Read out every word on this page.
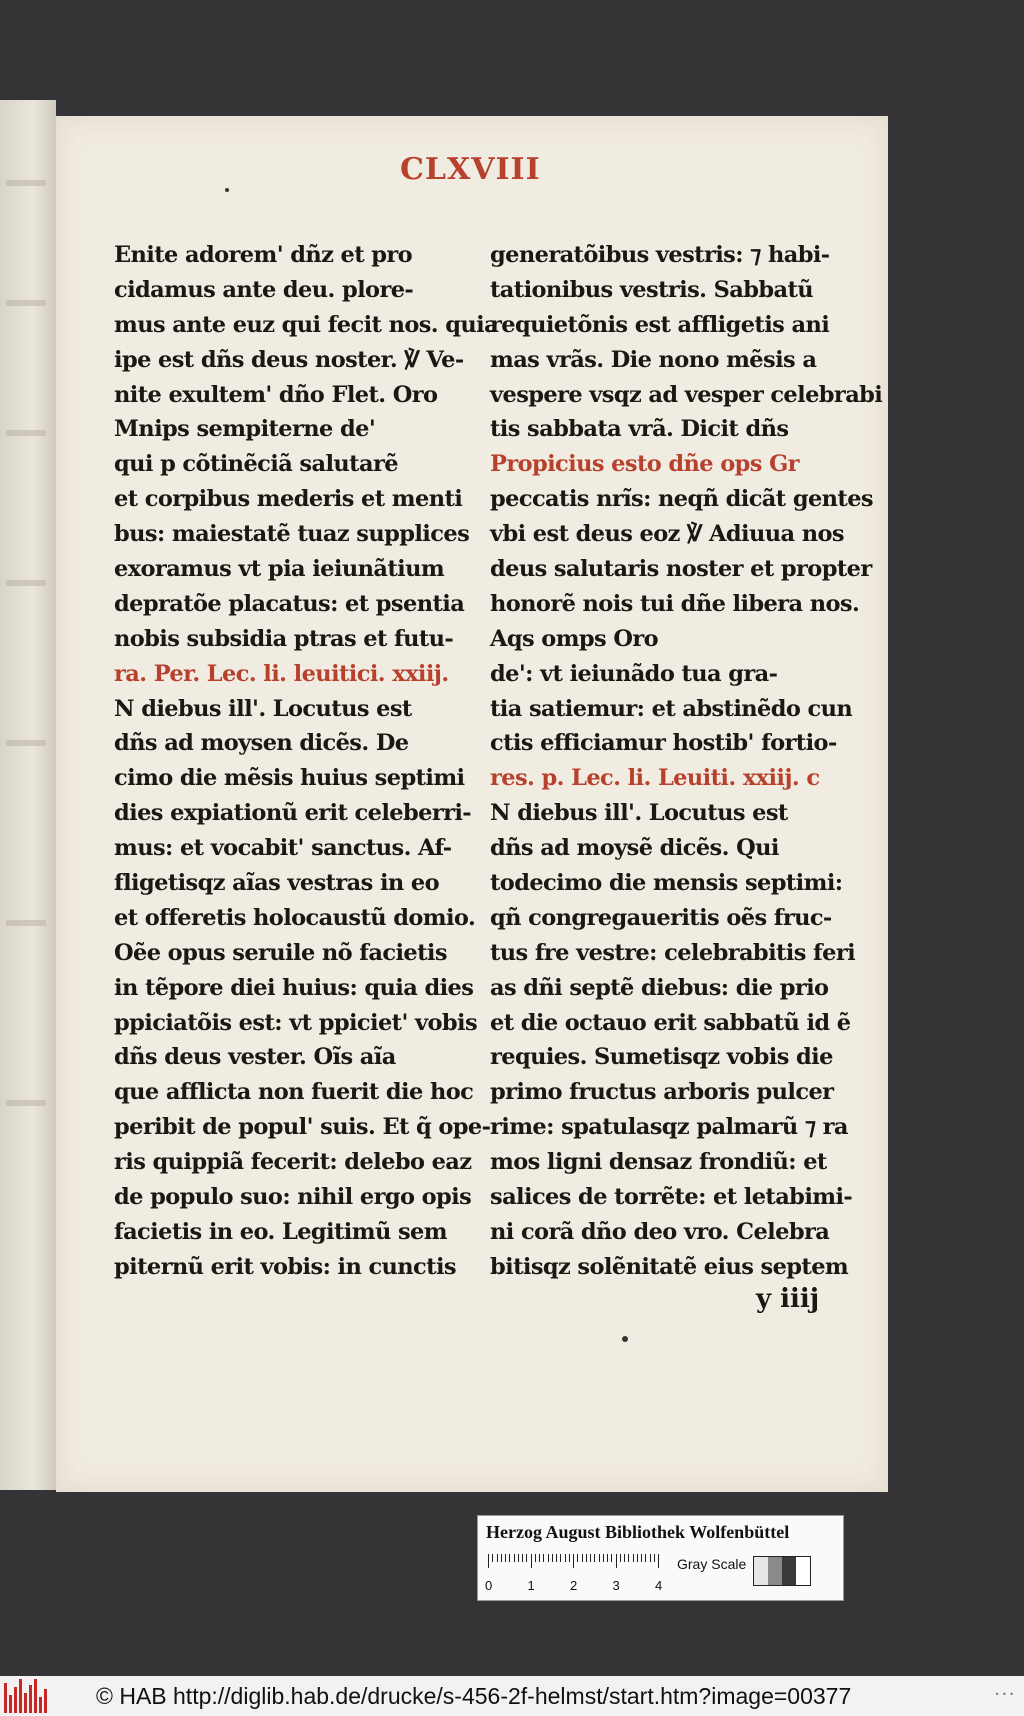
CLXVIII
Enite adorem' dñz et pro
cidamus ante deu. plore-
mus ante euz qui fecit nos. quia
ipe est dñs deus noster. ℣ Ve-
nite exultem' dño Flet. Oro
Mnips sempiterne de'
qui p cõtinẽciã salutarẽ
et corpibus mederis et menti
bus: maiestatẽ tuaz supplices
exoramus vt pia ieiunãtium
depratõe placatus: et psentia
nobis subsidia ptras et futu-
ra. Per. Lec. li. leuitici. xxiij.
N diebus ill'. Locutus est
dñs ad moysen dicẽs. De
cimo die mẽsis huius septimi
dies expiationũ erit celeberri-
mus: et vocabit' sanctus. Af-
fligetisqz aĩas vestras in eo
et offeretis holocaustũ domio.
Oẽe opus seruile nõ facietis
in tẽpore diei huius: quia dies
ppiciatõis est: vt ppiciet' vobis
dñs deus vester. Oĩs aĩa
que afflicta non fuerit die hoc
peribit de popul' suis. Et q̃ ope-
ris quippiã fecerit: delebo eaz
de populo suo: nihil ergo opis
facietis in eo. Legitimũ sem
piternũ erit vobis: in cunctis
generatõibus vestris: ⁊ habi-
tationibus vestris. Sabbatũ
requietõnis est affligetis ani
mas vrãs. Die nono mẽsis a
vespere vsqz ad vesper celebrabi
tis sabbata vrã. Dicit dñs
Propicius esto dñe ops Gr
peccatis nrĩs: neqñ dicãt gentes
vbi est deus eoz ℣ Adiuua nos
deus salutaris noster et propter
honorẽ nois tui dñe libera nos.
Aqs omps Oro
de': vt ieiunãdo tua gra-
tia satiemur: et abstinẽdo cun
ctis efficiamur hostib' fortio-
res. p. Lec. li. Leuiti. xxiij. c
N diebus ill'. Locutus est
dñs ad moysẽ dicẽs. Qui
todecimo die mensis septimi:
qñ congregaueritis oẽs fruc-
tus fre vestre: celebrabitis feri
as dñi septẽ diebus: die prio
et die octauo erit sabbatũ id ẽ
requies. Sumetisqz vobis die
primo fructus arboris pulcer
rime: spatulasqz palmarũ ⁊ ra
mos ligni densaz frondiũ: et
salices de torrẽte: et letabimi-
ni corã dño deo vro. Celebra
bitisqz solẽnitatẽ eius septem
y iiij
Herzog August Bibliothek Wolfenbüttel
Gray Scale
0	1	2	3	4
© HAB http://diglib.hab.de/drucke/s-456-2f-helmst/start.htm?image=00377	• • •
